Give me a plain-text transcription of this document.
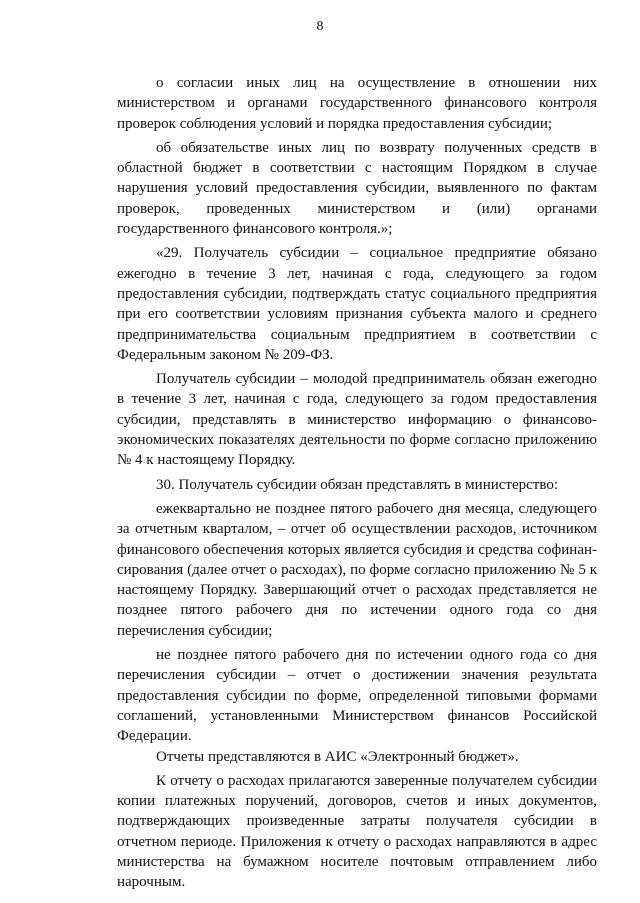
8

о согласии иных лиц на осуществление в отношении них министерством и органами государственного финансового контроля проверок соблюдения условий и порядка предоставления субсидии;

об обязательстве иных лиц по возврату полученных средств в областной бюджет в соответствии с настоящим Порядком в случае нарушения условий предоставления субсидии, выявленного по фактам проверок, проведенных министерством и (или) органами государственного финансового контроля.»;

«29. Получатель субсидии – социальное предприятие обязано ежегодно в течение 3 лет, начиная с года, следующего за годом предоставления субсидии, подтверждать статус социального предприятия при его соответствии условиям признания субъекта малого и среднего предпринимательства социальным предприятием в соответствии с Федеральным законом № 209-ФЗ.

Получатель субсидии – молодой предприниматель обязан ежегодно в течение 3 лет, начиная с года, следующего за годом предоставления субсидии, представлять в министерство информацию о финансово-экономических показателях деятельности по форме согласно приложению № 4 к настоящему Порядку.

30. Получатель субсидии обязан представлять в министерство:

ежеквартально не позднее пятого рабочего дня месяца, следующего за отчетным кварталом, – отчет об осуществлении расходов, источником финансового обеспечения которых является субсидия и средства софинан-сирования (далее отчет о расходах), по форме согласно приложению № 5 к настоящему Порядку. Завершающий отчет о расходах представляется не позднее пятого рабочего дня по истечении одного года со дня перечисления субсидии;

не позднее пятого рабочего дня по истечении одного года со дня перечисления субсидии – отчет о достижении значения результата предоставления субсидии по форме, определенной типовыми формами соглашений, установленными Министерством финансов Российской Федерации.

Отчеты представляются в АИС «Электронный бюджет».

К отчету о расходах прилагаются заверенные получателем субсидии копии платежных поручений, договоров, счетов и иных документов, подтверждающих произведенные затраты получателя субсидии в отчетном периоде. Приложения к отчету о расходах направляются в адрес министерства на бумажном носителе почтовым отправлением либо нарочным.
